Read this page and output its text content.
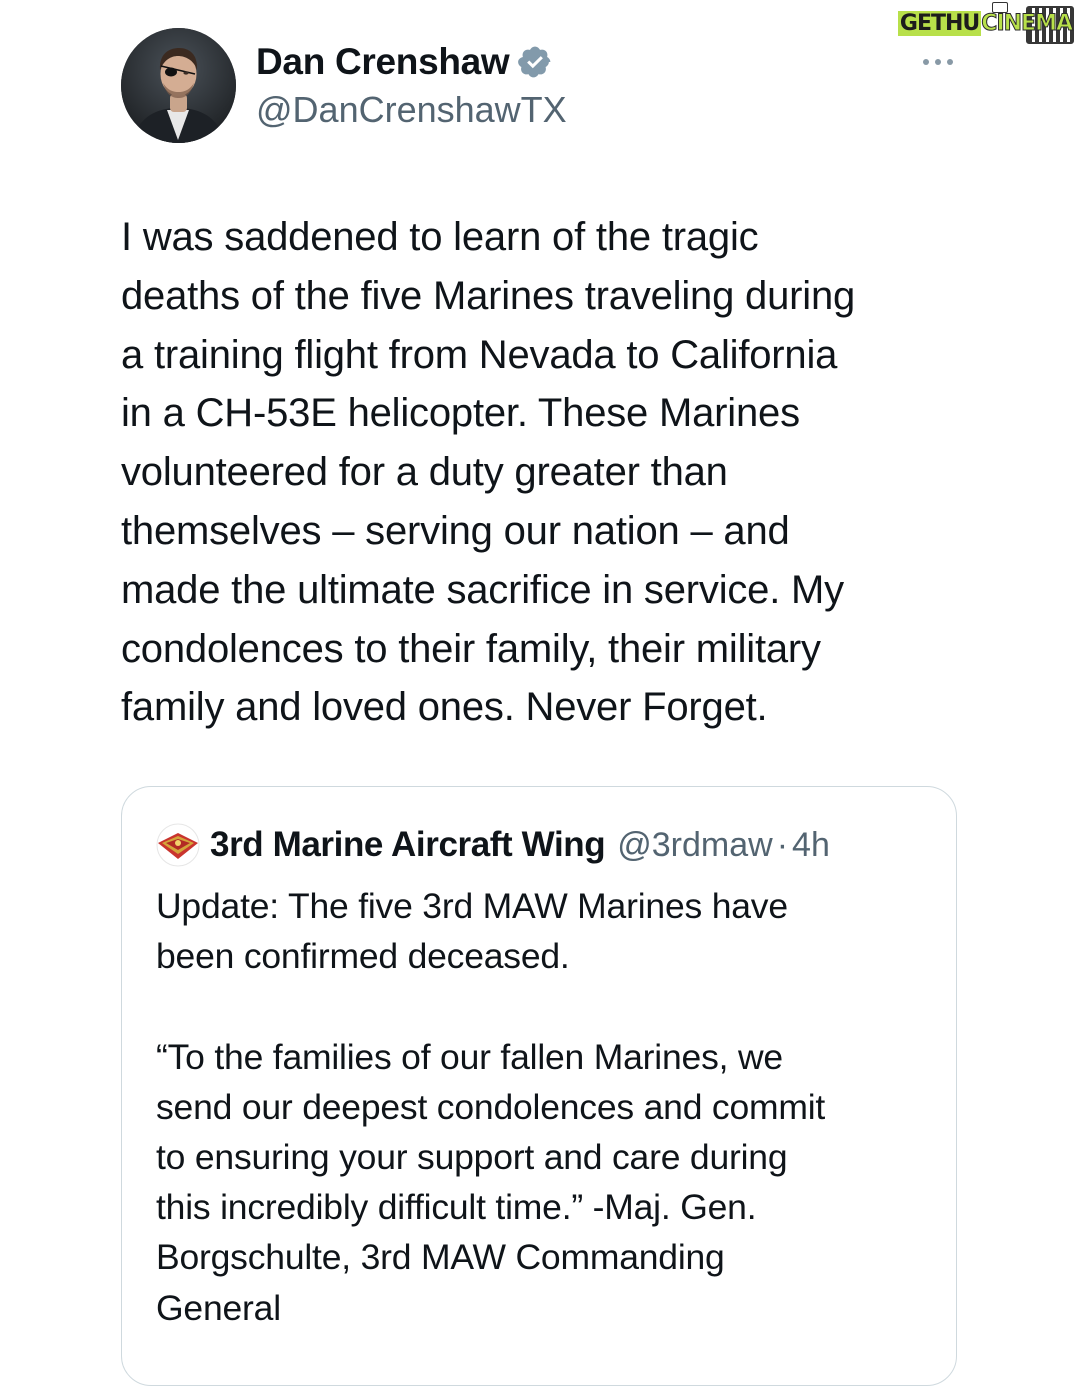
GETHUCINEMA
Dan Crenshaw
@DanCrenshawTX
I was saddened to learn of the tragic
deaths of the five Marines traveling during
a training flight from Nevada to California
in a CH-53E helicopter. These Marines
volunteered for a duty greater than
themselves – serving our nation – and
made the ultimate sacrifice in service. My
condolences to their family, their military
family and loved ones. Never Forget.
3rd Marine Aircraft Wing @3rdmaw · 4h
Update: The five 3rd MAW Marines have
been confirmed deceased.

“To the families of our fallen Marines, we
send our deepest condolences and commit
to ensuring your support and care during
this incredibly difficult time.” -Maj. Gen.
Borgschulte, 3rd MAW Commanding
General
